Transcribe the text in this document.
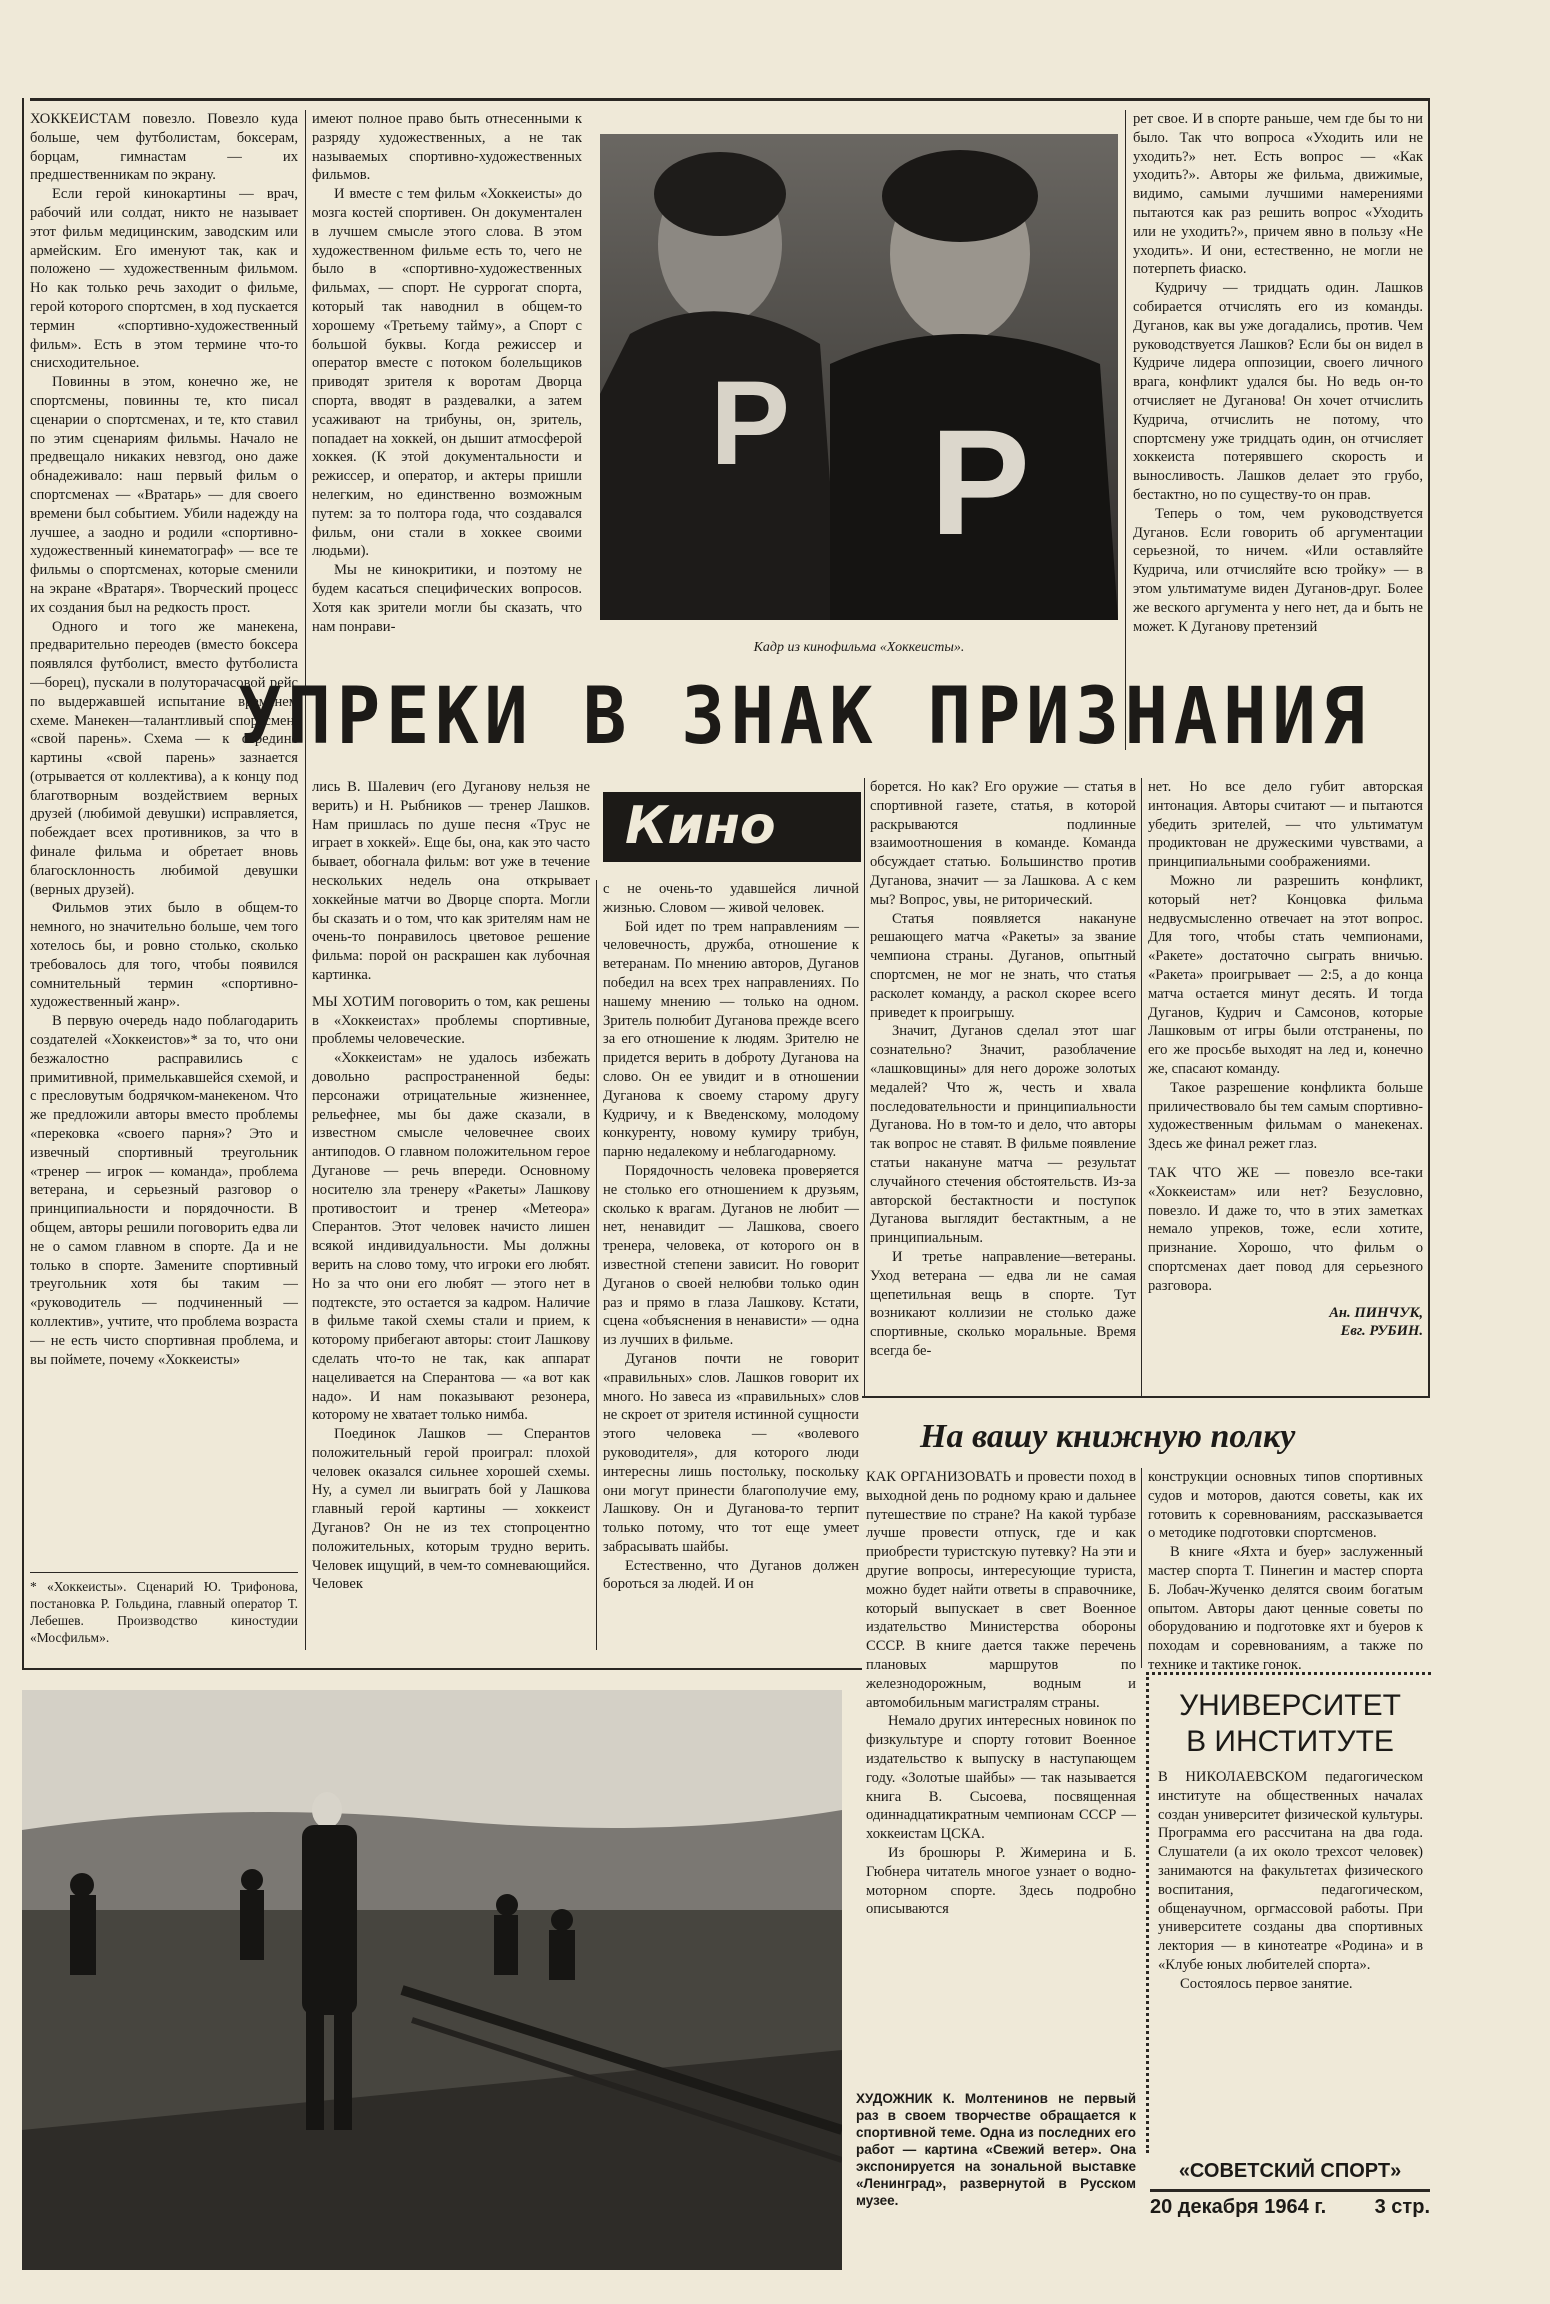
ХОККЕИСТАМ повезло. Повезло куда больше, чем футболистам, боксерам, борцам, гимнастам — их предшественникам по экрану.

Если герой кинокартины — врач, рабочий или солдат, никто не называет этот фильм медицинским, заводским или армейским. Его именуют так, как и положено — художественным фильмом. Но как только речь заходит о фильме, герой которого спортсмен, в ход пускается термин «спортивно-художественный фильм». Есть в этом термине что-то снисходительное.

Повинны в этом, конечно же, не спортсмены, повинны те, кто писал сценарии о спортсменах, и те, кто ставил по этим сценариям фильмы. Начало не предвещало никаких невзгод, оно даже обнадеживало: наш первый фильм о спортсменах — «Вратарь» — для своего времени был событием. Убили надежду на лучшее, а заодно и родили «спортивно-художественный кинематограф» — все те фильмы о спортсменах, которые сменили на экране «Вратаря». Творческий процесс их создания был на редкость прост.

Одного и того же манекена, предварительно переодев (вместо боксера появлялся футболист, вместо футболиста—борец), пускали в полуторачасовой рейс по выдержавшей испытание временем схеме. Манекен—талантливый спортсмен, «свой парень». Схема — к середине картины «свой парень» зазнается (отрывается от коллектива), а к концу под благотворным воздействием верных друзей (любимой девушки) исправляется, побеждает всех противников, за что в финале фильма и обретает вновь благосклонность любимой девушки (верных друзей).

Фильмов этих было в общем-то немного, но значительно больше, чем того хотелось бы, и ровно столько, сколько требовалось для того, чтобы появился сомнительный термин «спортивно-художественный жанр».

В первую очередь надо поблагодарить создателей «Хоккеистов»* за то, что они безжалостно расправились с примитивной, примелькавшейся схемой, и с пресловутым бодрячком-манекеном. Что же предложили авторы вместо проблемы «перековка «своего парня»? Это и извечный спортивный треугольник «тренер — игрок — команда», проблема ветерана, и серьезный разговор о принципиальности и порядочности. В общем, авторы решили поговорить едва ли не о самом главном в спорте. Да и не только в спорте. Замените спортивный треугольник хотя бы таким — «руководитель — подчиненный — коллектив», учтите, что проблема возраста — не есть чисто спортивная проблема, и вы поймете, почему «Хоккеисты»

* «Хоккеисты». Сценарий Ю. Трифонова, постановка Р. Гольдина, главный оператор Т. Лебешев. Производство киностудии «Мосфильм».

имеют полное право быть отнесенными к разряду художественных, а не так называемых спортивно-художественных фильмов.

И вместе с тем фильм «Хоккеисты» до мозга костей спортивен. Он документален в лучшем смысле этого слова. В этом художественном фильме есть то, чего не было в «спортивно-художественных фильмах, — спорт. Не суррогат спорта, который так наводнил в общем-то хорошему «Третьему тайму», а Спорт с большой буквы. Когда режиссер и оператор вместе с потоком болельщиков приводят зрителя к воротам Дворца спорта, вводят в раздевалки, а затем усаживают на трибуны, он, зритель, попадает на хоккей, он дышит атмосферой хоккея. (К этой документальности и режиссер, и оператор, и актеры пришли нелегким, но единственно возможным путем: за то полтора года, что создавался фильм, они стали в хоккее своими людьми).

Мы не кинокритики, и поэтому не будем касаться специфических вопросов. Хотя как зрители могли бы сказать, что нам понрави-

P P
Кадр из кинофильма «Хоккеисты».

рет свое. И в спорте раньше, чем где бы то ни было. Так что вопроса «Уходить или не уходить?» нет. Есть вопрос — «Как уходить?». Авторы же фильма, движимые, видимо, самыми лучшими намерениями пытаются как раз решить вопрос «Уходить или не уходить?», причем явно в пользу «Не уходить». И они, естественно, не могли не потерпеть фиаско.

Кудричу — тридцать один. Лашков собирается отчислять его из команды. Дуганов, как вы уже догадались, против. Чем руководствуется Лашков? Если бы он видел в Кудриче лидера оппозиции, своего личного врага, конфликт удался бы. Но ведь он-то отчисляет не Дуганова! Он хочет отчислить Кудрича, отчислить не потому, что спортсмену уже тридцать один, он отчисляет хоккеиста потерявшего скорость и выносливость. Лашков делает это грубо, бестактно, но по существу-то он прав.

Теперь о том, чем руководствуется Дуганов. Если говорить об аргументации серьезной, то ничем. «Или оставляйте Кудрича, или отчисляйте всю тройку» — в этом ультиматуме виден Дуганов-друг. Более же веского аргумента у него нет, да и быть не может. К Дуганову претензий

УПРЕКИ В ЗНАК ПРИЗНАНИЯ
Кино

лись В. Шалевич (его Дуганову нельзя не верить) и Н. Рыбников — тренер Лашков. Нам пришлась по душе песня «Трус не играет в хоккей». Еще бы, она, как это часто бывает, обогнала фильм: вот уже в течение нескольких недель она открывает хоккейные матчи во Дворце спорта. Могли бы сказать и о том, что как зрителям нам не очень-то понравилось цветовое решение фильма: порой он раскрашен как лубочная картинка.

МЫ ХОТИМ поговорить о том, как решены в «Хоккеистах» проблемы спортивные, проблемы человеческие.

«Хоккеистам» не удалось избежать довольно распространенной беды: персонажи отрицательные жизненнее, рельефнее, мы бы даже сказали, в известном смысле человечнее своих антиподов. О главном положительном герое Дуганове — речь впереди. Основному носителю зла тренеру «Ракеты» Лашкову противостоит и тренер «Метеора» Сперантов. Этот человек начисто лишен всякой индивидуальности. Мы должны верить на слово тому, что игроки его любят. Но за что они его любят — этого нет в подтексте, это остается за кадром. Наличие в фильме такой схемы стали и прием, к которому прибегают авторы: стоит Лашкову сделать что-то не так, как аппарат нацеливается на Сперантова — «а вот как надо». И нам показывают резонера, которому не хватает только нимба.

Поединок Лашков — Сперантов положительный герой проиграл: плохой человек оказался сильнее хорошей схемы. Ну, а сумел ли выиграть бой у Лашкова главный герой картины — хоккеист Дуганов? Он не из тех стопроцентно положительных, которым трудно верить. Человек ищущий, в чем-то сомневающийся. Человек

с не очень-то удавшейся личной жизнью. Словом — живой человек.

Бой идет по трем направлениям — человечность, дружба, отношение к ветеранам. По мнению авторов, Дуганов победил на всех трех направлениях. По нашему мнению — только на одном. Зритель полюбит Дуганова прежде всего за его отношение к людям. Зрителю не придется верить в доброту Дуганова на слово. Он ее увидит и в отношении Дуганова к своему старому другу Кудричу, и к Введенскому, молодому конкуренту, новому кумиру трибун, парню недалекому и неблагодарному.

Порядочность человека проверяется не столько его отношением к друзьям, сколько к врагам. Дуганов не любит — нет, ненавидит — Лашкова, своего тренера, человека, от которого он в известной степени зависит. Но говорит Дуганов о своей нелюбви только один раз и прямо в глаза Лашкову. Кстати, сцена «объяснения в ненависти» — одна из лучших в фильме.

Дуганов почти не говорит «правильных» слов. Лашков говорит их много. Но завеса из «правильных» слов не скроет от зрителя истинной сущности этого человека — «волевого руководителя», для которого люди интересны лишь постольку, поскольку они могут принести благополучие ему, Лашкову. Он и Дуганова-то терпит только потому, что тот еще умеет забрасывать шайбы.

Естественно, что Дуганов должен бороться за людей. И он

борется. Но как? Его оружие — статья в спортивной газете, статья, в которой раскрываются подлинные взаимоотношения в команде. Команда обсуждает статью. Большинство против Дуганова, значит — за Лашкова. А с кем мы? Вопрос, увы, не риторический.

Статья появляется накануне решающего матча «Ракеты» за звание чемпиона страны. Дуганов, опытный спортсмен, не мог не знать, что статья расколет команду, а раскол скорее всего приведет к проигрышу.

Значит, Дуганов сделал этот шаг сознательно? Значит, разоблачение «лашковщины» для него дороже золотых медалей? Что ж, честь и хвала последовательности и принципиальности Дуганова. Но в том-то и дело, что авторы так вопрос не ставят. В фильме появление статьи накануне матча — результат случайного стечения обстоятельств. Из-за авторской бестактности и поступок Дуганова выглядит бестактным, а не принципиальным.

И третье направление—ветераны. Уход ветерана — едва ли не самая щепетильная вещь в спорте. Тут возникают коллизии не столько даже спортивные, сколько моральные. Время всегда бе-

нет. Но все дело губит авторская интонация. Авторы считают — и пытаются убедить зрителей, — что ультиматум продиктован не дружескими чувствами, а принципиальными соображениями.

Можно ли разрешить конфликт, который нет? Концовка фильма недвусмысленно отвечает на этот вопрос. Для того, чтобы стать чемпионами, «Ракете» достаточно сыграть вничью. «Ракета» проигрывает — 2:5, а до конца матча остается минут десять. И тогда Дуганов, Кудрич и Самсонов, которые Лашковым от игры были отстранены, по его же просьбе выходят на лед и, конечно же, спасают команду.

Такое разрешение конфликта больше приличествовало бы тем самым спортивно-художественным фильмам о манекенах. Здесь же финал режет глаз.

ТАК ЧТО ЖЕ — повезло все-таки «Хоккеистам» или нет? Безусловно, повезло. И даже то, что в этих заметках немало упреков, тоже, если хотите, признание. Хорошо, что фильм о спортсменах дает повод для серьезного разговора.

Ан. ПИНЧУК,
Евг. РУБИН.
На вашу книжную полку

КАК ОРГАНИЗОВАТЬ и провести поход в выходной день по родному краю и дальнее путешествие по стране? На какой турбазе лучше провести отпуск, где и как приобрести туристскую путевку? На эти и другие вопросы, интересующие туриста, можно будет найти ответы в справочнике, который выпускает в свет Военное издательство Министерства обороны СССР. В книге дается также перечень плановых маршрутов по железнодорожным, водным и автомобильным магистралям страны.

Немало других интересных новинок по физкультуре и спорту готовит Военное издательство к выпуску в наступающем году. «Золотые шайбы» — так называется книга В. Сысоева, посвященная одиннадцатикратным чемпионам СССР — хоккеистам ЦСКА.

Из брошюры Р. Жимерина и Б. Гюбнера читатель многое узнает о водно-моторном спорте. Здесь подробно описываются

конструкции основных типов спортивных судов и моторов, даются советы, как их готовить к соревнованиям, рассказывается о методике подготовки спортсменов.

В книге «Яхта и буер» заслуженный мастер спорта Т. Пинегин и мастер спорта Б. Лобач-Жученко делятся своим богатым опытом. Авторы дают ценные советы по оборудованию и подготовке яхт и буеров к походам и соревнованиям, а также по технике и тактике гонок.

ХУДОЖНИК К. Молтенинов не первый раз в своем творчестве обращается к спортивной теме. Одна из последних его работ — картина «Свежий ветер». Она экспонируется на зональной выставке «Ленинград», развернутой в Русском музее.
УНИВЕРСИТЕТ
В ИНСТИТУТЕ

В НИКОЛАЕВСКОМ педагогическом институте на общественных началах создан университет физической культуры. Программа его рассчитана на два года. Слушатели (а их около трехсот человек) занимаются на факультетах физического воспитания, педагогическом, общенаучном, оргмассовой работы. При университете созданы два спортивных лектория — в кинотеатре «Родина» и в «Клубе юных любителей спорта».

Состоялось первое занятие.

«СОВЕТСКИЙ СПОРТ»
20 декабря 1964 г. 3 стр.
